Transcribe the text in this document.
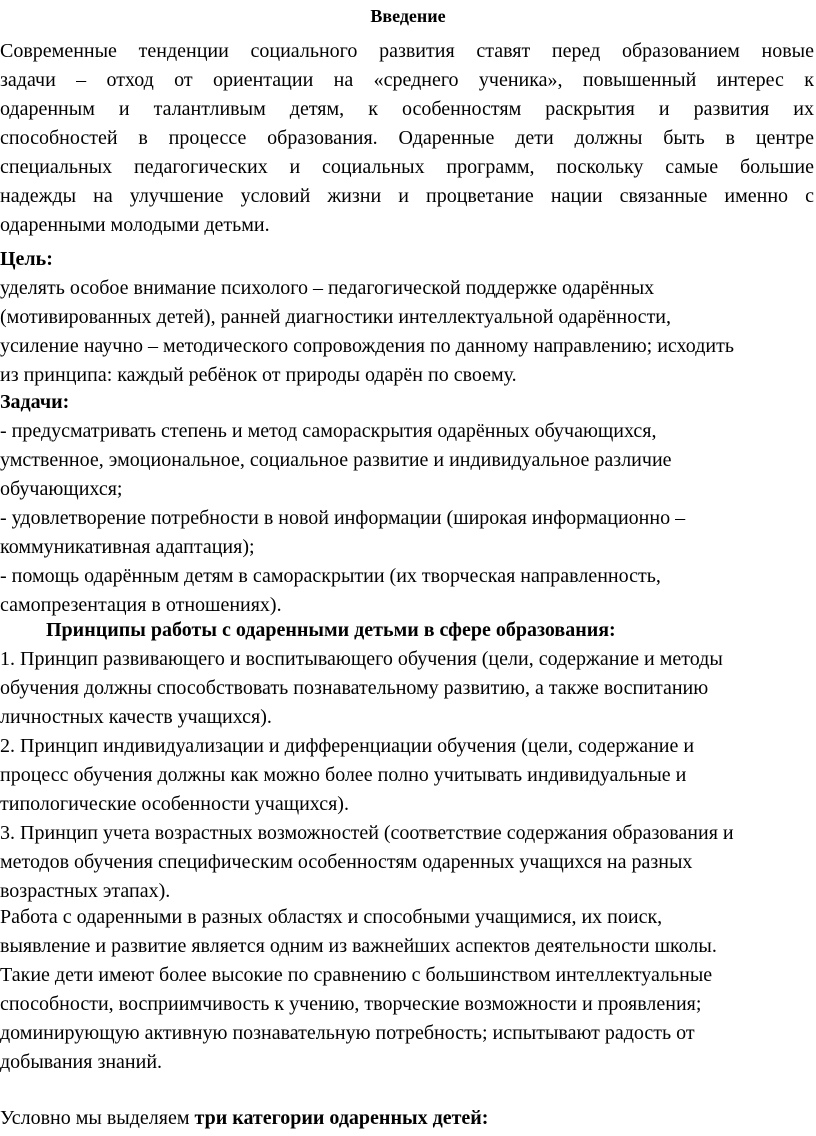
Введение
Современные тенденции социального развития ставят перед образованием новые
задачи – отход от ориентации на «среднего ученика», повышенный интерес к
одаренным и талантливым детям, к особенностям раскрытия и развития их
способностей в процессе образования. Одаренные дети должны быть в центре
специальных педагогических и социальных программ, поскольку самые большие
надежды на улучшение условий жизни и процветание нации связанные именно с
одаренными молодыми детьми.
Цель:
уделять особое внимание психолого – педагогической поддержке одарённых
(мотивированных детей), ранней диагностики интеллектуальной одарённости,
усиление научно – методического сопровождения по данному направлению; исходить
из принципа: каждый ребёнок от природы одарён по своему.
Задачи:
- предусматривать степень и метод самораскрытия одарённых обучающихся,
умственное, эмоциональное, социальное развитие и индивидуальное различие
обучающихся;
- удовлетворение потребности в новой информации (широкая информационно –
коммуникативная адаптация);
- помощь одарённым детям в самораскрытии (их творческая направленность,
самопрезентация в отношениях).
Принципы работы с одаренными детьми в сфере образования:
1. Принцип развивающего и воспитывающего обучения (цели, содержание и методы
обучения должны способствовать познавательному развитию, а также воспитанию
личностных качеств учащихся).
2. Принцип индивидуализации и дифференциации обучения (цели, содержание и
процесс обучения должны как можно более полно учитывать индивидуальные и
типологические особенности учащихся).
3. Принцип учета возрастных возможностей (соответствие содержания образования и
методов обучения специфическим особенностям одаренных учащихся на разных
возрастных этапах).
Работа с одаренными в разных областях и способными учащимися, их поиск,
выявление и развитие является одним из важнейших аспектов деятельности школы.
Такие дети имеют более высокие по сравнению с большинством интеллектуальные
способности, восприимчивость к учению, творческие возможности и проявления;
доминирующую активную познавательную потребность; испытывают радость от
добывания знаний.
Условно мы выделяем три категории одаренных детей:
